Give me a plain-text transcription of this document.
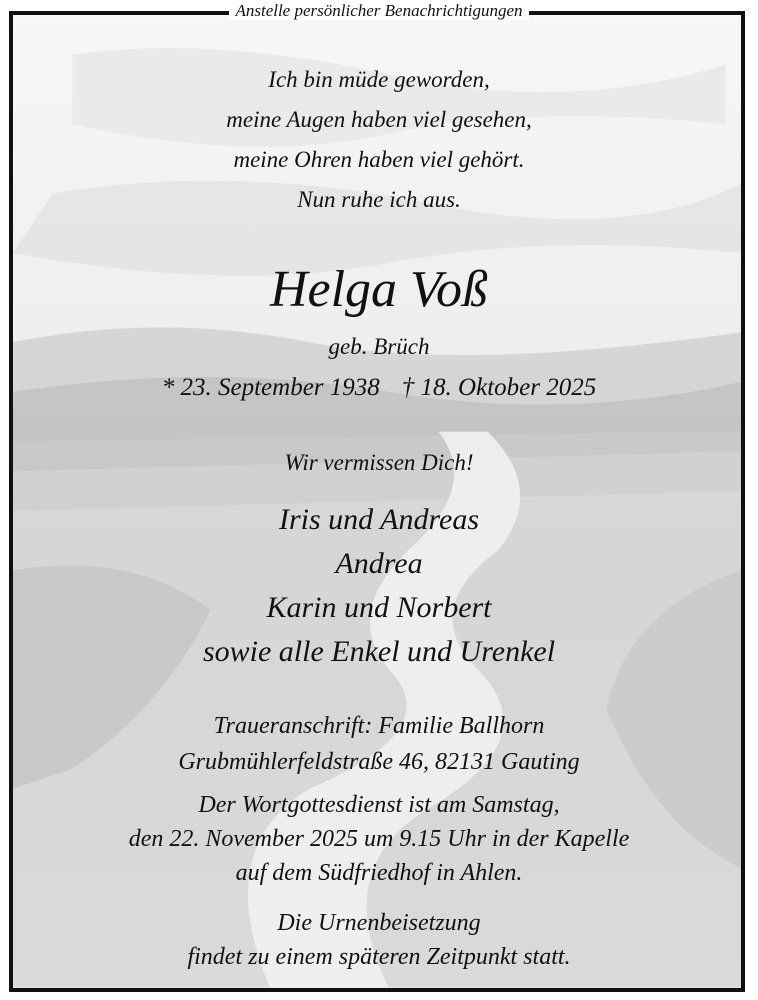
Anstelle persönlicher Benachrichtigungen
Ich bin müde geworden,
meine Augen haben viel gesehen,
meine Ohren haben viel gehört.
Nun ruhe ich aus.
Helga Voß
geb. Brüch
* 23. September 1938 † 18. Oktober 2025
Wir vermissen Dich!
Iris und Andreas
Andrea
Karin und Norbert
sowie alle Enkel und Urenkel
Traueranschrift: Familie Ballhorn
Grubmühlerfeldstraße 46, 82131 Gauting
Der Wortgottesdienst ist am Samstag,
den 22. November 2025 um 9.15 Uhr in der Kapelle
auf dem Südfriedhof in Ahlen.
Die Urnenbeisetzung
findet zu einem späteren Zeitpunkt statt.
